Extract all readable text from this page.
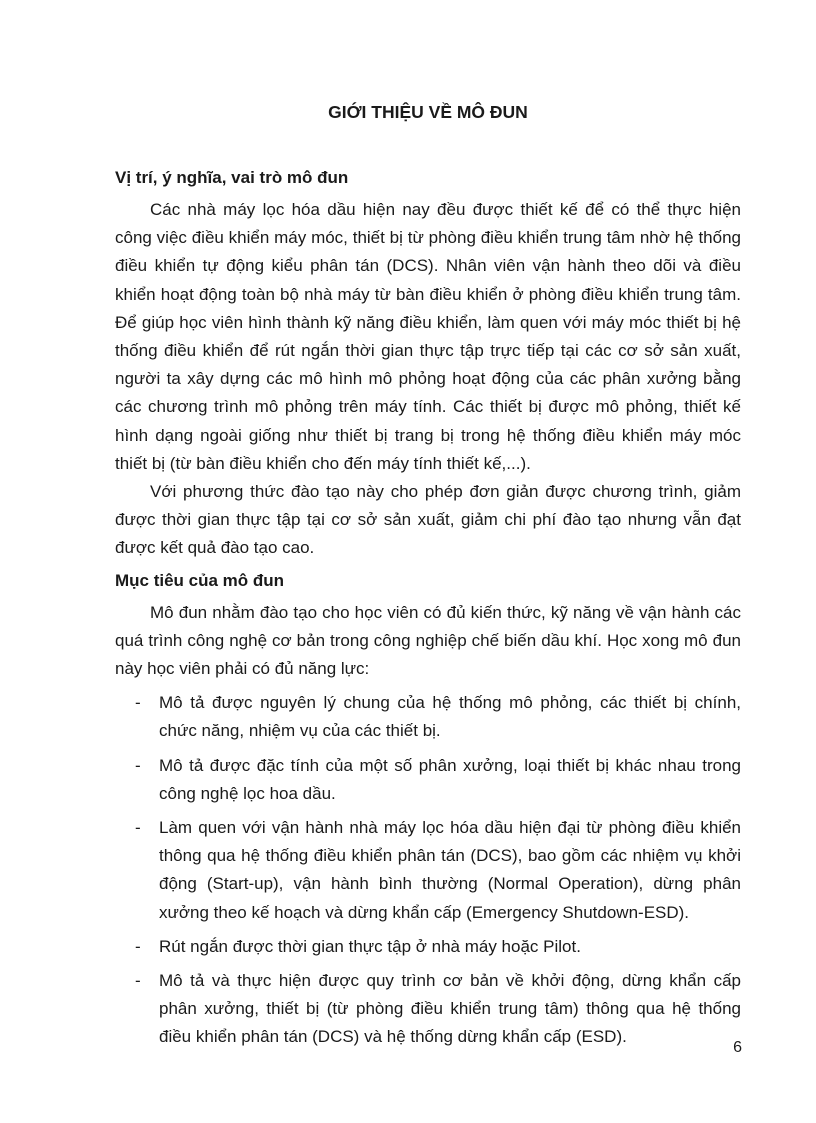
GIỚI THIỆU VỀ MÔ ĐUN
Vị trí, ý nghĩa, vai trò mô đun

Các nhà máy lọc hóa dầu hiện nay đều được thiết kế để có thể thực hiện công việc điều khiển máy móc, thiết bị từ phòng điều khiển trung tâm nhờ hệ thống điều khiển tự động kiểu phân tán (DCS). Nhân viên vận hành theo dõi và điều khiển hoạt động toàn bộ nhà máy từ bàn điều khiển ở phòng điều khiển trung tâm. Để giúp học viên hình thành kỹ năng điều khiển, làm quen với máy móc thiết bị hệ thống điều khiển để rút ngắn thời gian thực tập trực tiếp tại các cơ sở sản xuất, người ta xây dựng các mô hình mô phỏng hoạt động của các phân xưởng bằng các chương trình mô phỏng trên máy tính. Các thiết bị được mô phỏng, thiết kế hình dạng ngoài giống như thiết bị trang bị trong hệ thống điều khiển máy móc thiết bị (từ bàn điều khiển cho đến máy tính thiết kế,...).

Với phương thức đào tạo này cho phép đơn giản được chương trình, giảm được thời gian thực tập tại cơ sở sản xuất, giảm chi phí đào tạo nhưng vẫn đạt được kết quả đào tạo cao.

Mục tiêu của mô đun

Mô đun nhằm đào tạo cho học viên có đủ kiến thức, kỹ năng về vận hành các quá trình công nghệ cơ bản trong công nghiệp chế biến dầu khí. Học xong mô đun này học viên phải có đủ năng lực:

- Mô tả được nguyên lý chung của hệ thống mô phỏng, các thiết bị chính, chức năng, nhiệm vụ của các thiết bị.
- Mô tả được đặc tính của một số phân xưởng, loại thiết bị khác nhau trong công nghệ lọc hoa dầu.
- Làm quen với vận hành nhà máy lọc hóa dầu hiện đại từ phòng điều khiển thông qua hệ thống điều khiển phân tán (DCS), bao gồm các nhiệm vụ khởi động (Start-up), vận hành bình thường (Normal Operation), dừng phân xưởng theo kế hoạch và dừng khẩn cấp (Emergency Shutdown-ESD).
- Rút ngắn được thời gian thực tập ở nhà máy hoặc Pilot.
- Mô tả và thực hiện được quy trình cơ bản về khởi động, dừng khẩn cấp phân xưởng, thiết bị (từ phòng điều khiển trung tâm) thông qua hệ thống điều khiển phân tán (DCS) và hệ thống dừng khẩn cấp (ESD).
6
